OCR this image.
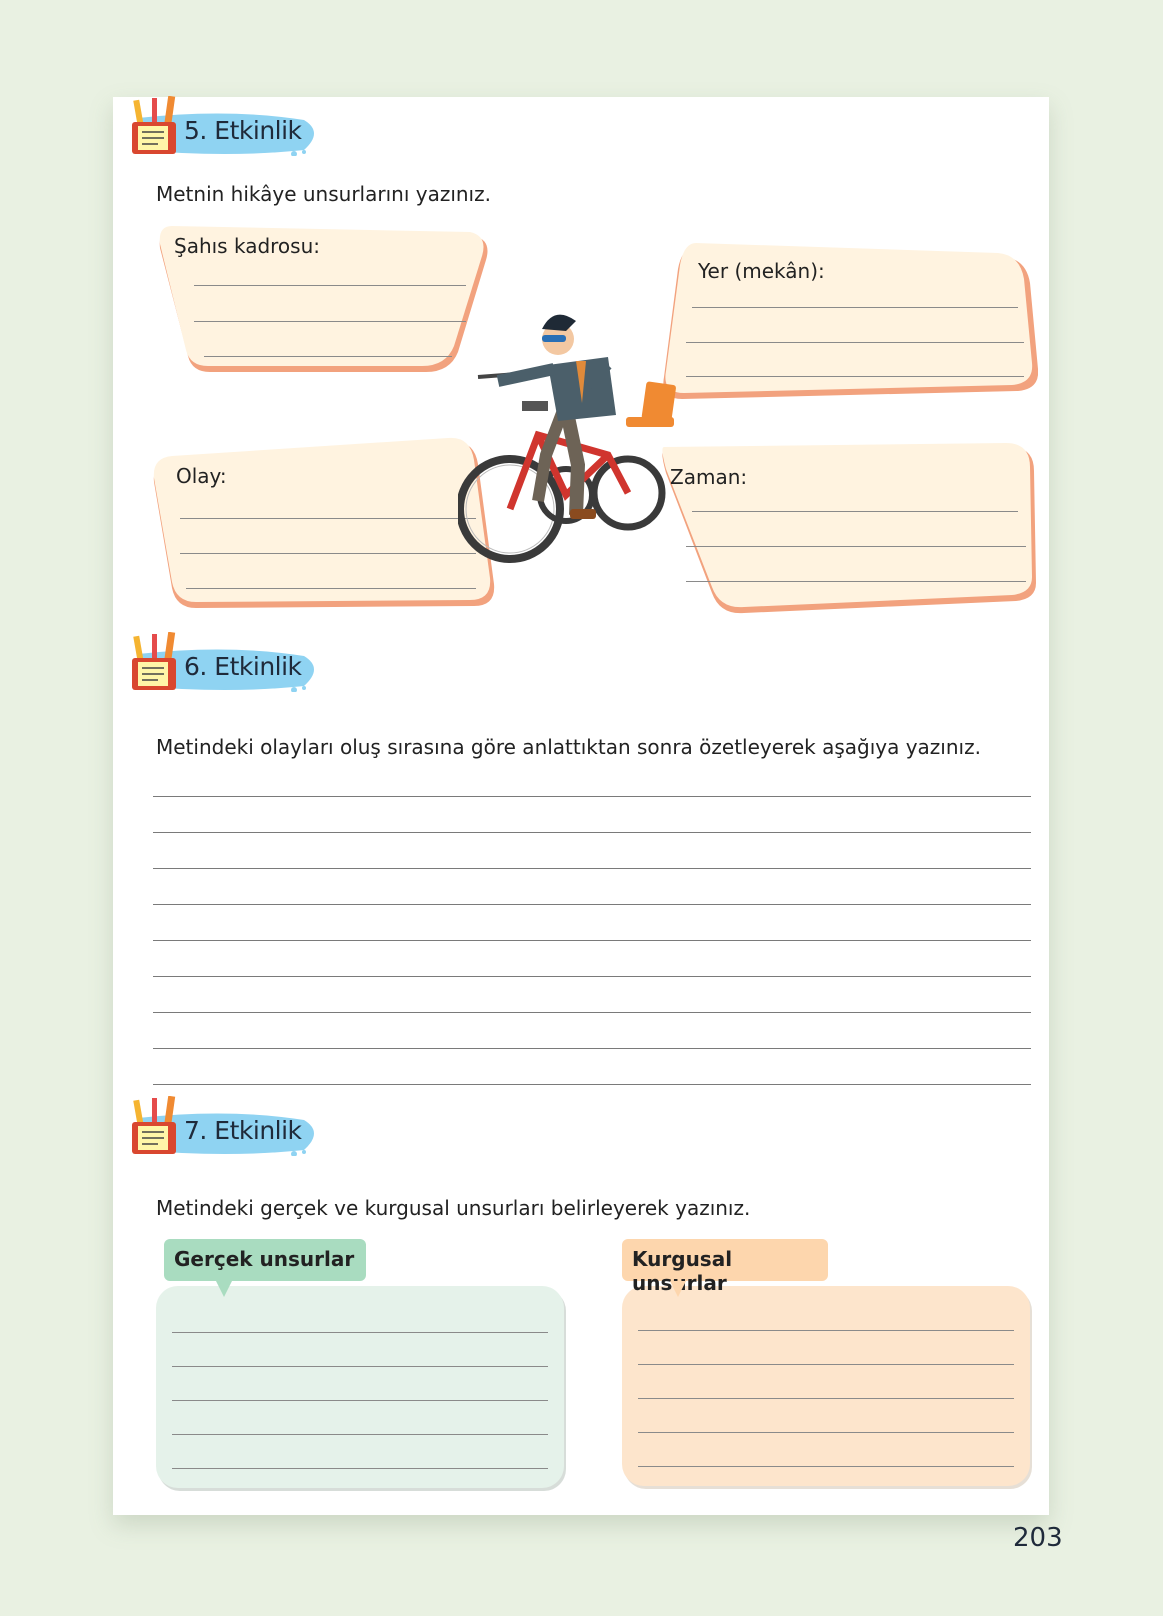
5. Etkinlik
Metnin hikâye unsurlarını yazınız.
Şahıs kadrosu:
Yer (mekân):
Olay:	Zaman:
6. Etkinlik
Metindeki olayları oluş sırasına göre anlattıktan sonra özetleyerek aşağıya yazınız.
7. Etkinlik
Metindeki gerçek ve kurgusal unsurları belirleyerek yazınız.
Gerçek unsurlar	Kurgusal unsurlar
203
